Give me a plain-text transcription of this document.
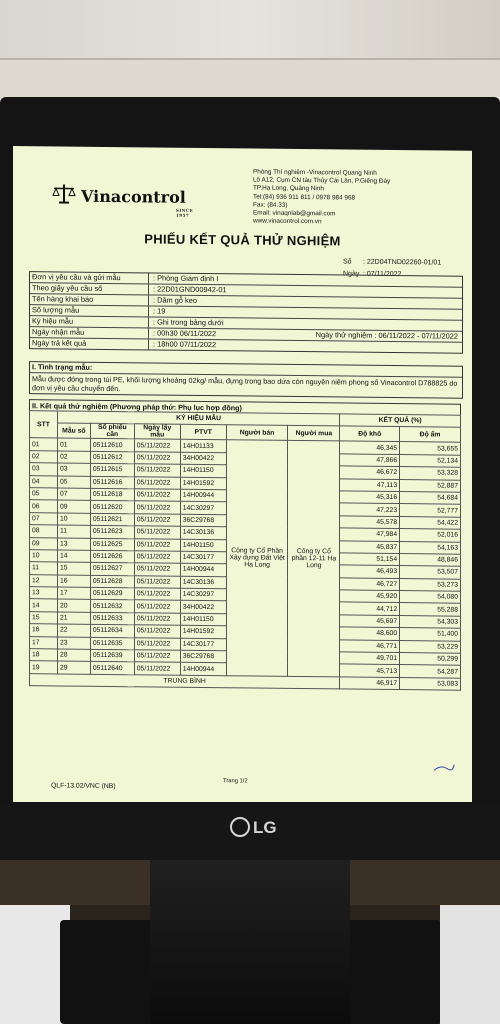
Vinacontrol
SINCE 1957
Phòng Thí nghiệm -Vinacontrol Quang Ninh
Lô A12, Cụm CN tàu Thủy Cái Lân, P.Giếng Đáy
TP.Hạ Long, Quảng Ninh
Tel:(84) 936 911 811 / 0978 984 968
Fax: (84.33)
Email: vinaqnlab@gmail.com
www.vinacontrol.com.vn
PHIẾU KẾT QUẢ THỬ NGHIỆM
Số : 22D04TND02260-01/01
Ngày : 07/11/2022
Đơn vị yêu cầu và gửi mẫu	: Phòng Giám định I
Theo giấy yêu cầu số	: 22D01GND00942-01
Tên hàng khai báo	: Dăm gỗ keo
Số lượng mẫu	: 19
Ký hiệu mẫu	: Ghi trong bảng dưới
Ngày nhận mẫu	: 00h30 06/11/2022	Ngày thử nghiệm : 06/11/2022 - 07/11/2022
Ngày trả kết quả	: 18h00 07/11/2022
I. Tình trạng mẫu:
Mẫu được đóng trong túi PE, khối lượng khoảng 02kg/ mẫu, đựng trong bao dứa còn nguyên niêm phong số Vinacontrol D788825 do đơn vị yêu cầu chuyển đến.
II. Kết quả thử nghiệm (Phương pháp thử: Phụ lục hợp đồng)
STT	KÝ HIỆU MẪU						KẾT QUẢ (%)	
	Mẫu số	Số phiếu cân	Ngày lấy mẫu	PTVT	Người bán	Người mua	Độ khô	Độ ẩm
01	01	05112610	05/11/2022	14H01133	Công ty Cổ Phần Xây dựng Đất Việt Hạ Long	Công ty Cổ phần 12-11 Hạ Long	46,345	53,655
02	02	05112612	05/11/2022	34H00422			47,866	52,134
03	03	05112615	05/11/2022	14H01150			46,672	53,328
04	05	05112616	05/11/2022	14H01592			47,113	52,887
05	07	05112618	05/11/2022	14H00944			45,316	54,684
06	09	05112620	05/11/2022	14C30297			47,223	52,777
07	10	05112621	05/11/2022	36C29768			45,578	54,422
08	11	05112623	05/11/2022	14C30136			47,984	52,016
09	13	05112625	05/11/2022	14H01150			45,837	54,163
10	14	05112626	05/11/2022	14C30177			51,154	48,846
11	15	05112627	05/11/2022	14H00944			46,493	53,507
12	16	05112628	05/11/2022	14C30136			46,727	53,273
13	17	05112629	05/11/2022	14C30297			45,920	54,080
14	20	05112632	05/11/2022	34H00422			44,712	55,288
15	21	05112633	05/11/2022	14H01150			45,697	54,303
16	22	05112634	05/11/2022	14H01592			48,600	51,400
17	23	05112635	05/11/2022	14C30177			46,771	53,229
18	28	05112639	05/11/2022	36C29768			49,701	50,299
19	29	05112640	05/11/2022	14H00944			45,713	54,287
TRUNG BÌNH							46,917	53,083
Trang 1/2
QLF-13.02/VNC (NB)
LG
